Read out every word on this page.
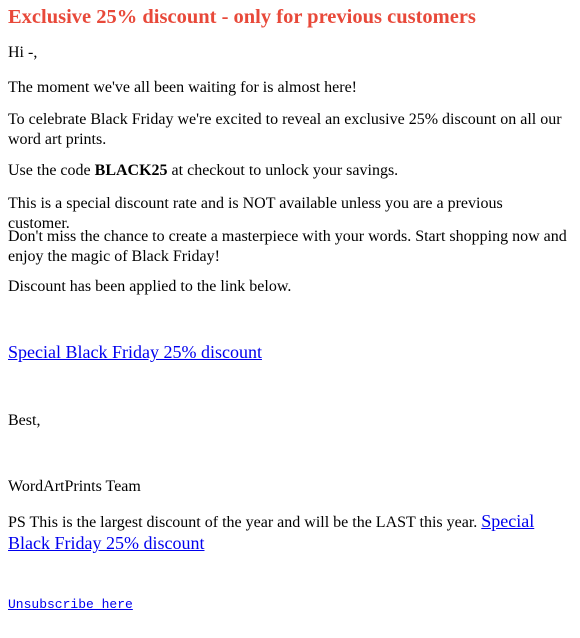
Exclusive 25% discount - only for previous customers

Hi -,

The moment we've all been waiting for is almost here!

To celebrate Black Friday we're excited to reveal an exclusive 25% discount on all our word art prints.

Use the code BLACK25 at checkout to unlock your savings.

This is a special discount rate and is NOT available unless you are a previous customer.

Don't miss the chance to create a masterpiece with your words. Start shopping now and enjoy the magic of Black Friday!

Discount has been applied to the link below.

Special Black Friday 25% discount

Best,

WordArtPrints Team

PS This is the largest discount of the year and will be the LAST this year. Special Black Friday 25% discount

Unsubscribe here
